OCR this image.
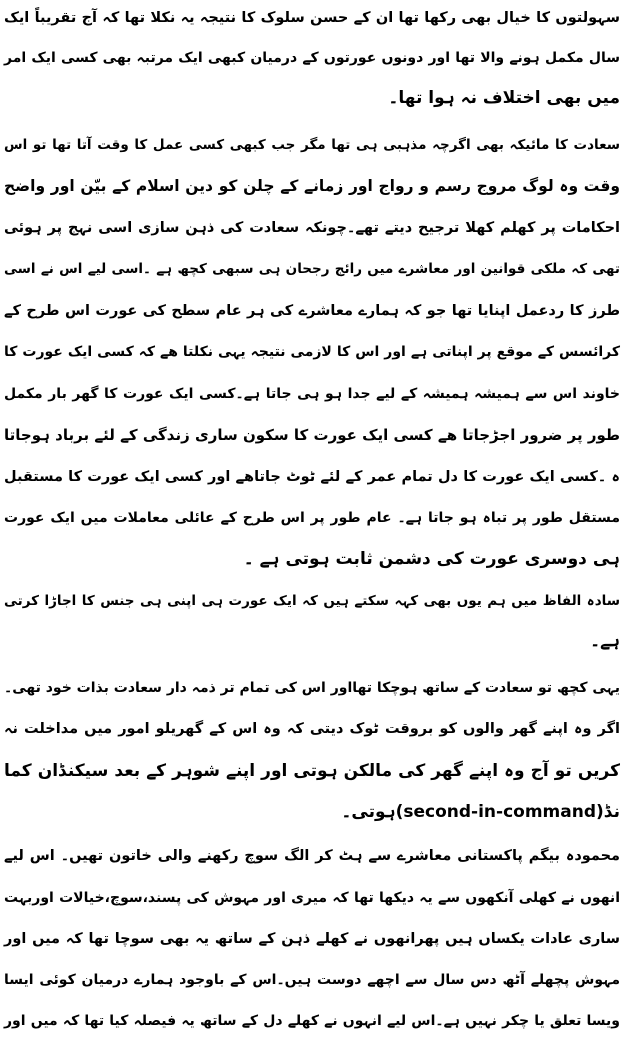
سہولتوں کا خیال بھی رکھا تھا ان کے حسن سلوک کا نتیجہ یہ نکلا تھا کہ آج تقریباً ایک
سال مکمل ہونے والا تھا اور دونوں عورتوں کے درمیان کبھی ایک مرتبہ بھی کسی ایک امر
میں بھی اختلاف نہ ہوا تھا۔
سعادت کا مائیکہ بھی اگرچہ مذہبی ہی تھا مگر جب کبھی کسی عمل کا وقت آتا تھا تو اس
وقت وہ لوگ مروج رسم و رواج اور زمانے کے چلن کو دین اسلام کے بیّن اور واضح
احکامات پر کھلم کھلا ترجیح دیتے تھے۔چونکہ سعادت کی ذہن سازی اسی نہج پر ہوئی
تھی کہ ملکی قوانین اور معاشرے میں رائج رجحان ہی سبھی کچھ ہے ۔اسی لیے اس نے اسی
طرز کا ردعمل اپنایا تھا جو کہ ہمارے معاشرے کی ہر عام سطح کی عورت اس طرح کے
کرائسس کے موقع پر اپناتی ہے اور اس کا لازمی نتیجہ یہی نکلتا ھے کہ کسی ایک عورت کا
خاوند اس سے ہمیشہ ہمیشہ کے لیے جدا ہو ہی جاتا ہے۔کسی ایک عورت کا گھر بار مکمل
طور پر ضرور اجڑجاتا ھے کسی ایک عورت کا سکون ساری زندگی کے لئے برباد ہوجاتا
ہ ۔کسی ایک عورت کا دل تمام عمر کے لئے ٹوٹ جاتاھے اور کسی ایک عورت کا مستقبل
مستقل طور پر تباہ ہو جاتا ہے۔ عام طور پر اس طرح کے عائلی معاملات میں ایک عورت
ہی دوسری عورت کی دشمن ثابت ہوتی ہے ۔
سادہ الفاظ میں ہم یوں بھی کہہ سکتے ہیں کہ ایک عورت ہی اپنی ہی جنس کا اجاڑا کرتی
ہے۔
یہی کچھ تو سعادت کے ساتھ ہوچکا تھااور اس کی تمام تر ذمہ دار سعادت بذات خود تھی۔
اگر وہ اپنے گھر والوں کو بروقت ٹوک دیتی کہ وہ اس کے گھریلو امور میں مداخلت نہ
کریں تو آج وہ اپنے گھر کی مالکن ہوتی اور اپنے شوہر کے بعد سیکنڈان کما
نڈ(second-in-command)ہوتی۔
محمودہ بیگم پاکستانی معاشرے سے ہٹ کر الگ سوچ رکھنے والی خاتون تھیں۔ اس لیے
انھوں نے کھلی آنکھوں سے یہ دیکھا تھا کہ میری اور مہوش کی پسند،سوچ،خیالات اوربہت
ساری عادات یکساں ہیں پھرانھوں نے کھلے ذہن کے ساتھ یہ بھی سوچا تھا کہ میں اور
مہوش پچھلے آٹھ دس سال سے اچھے دوست ہیں۔اس کے باوجود ہمارے درمیان کوئی ایسا
ویسا تعلق یا چکر نہیں ہے۔اس لیے انہوں نے کھلے دل کے ساتھ یہ فیصلہ کیا تھا کہ میں اور
